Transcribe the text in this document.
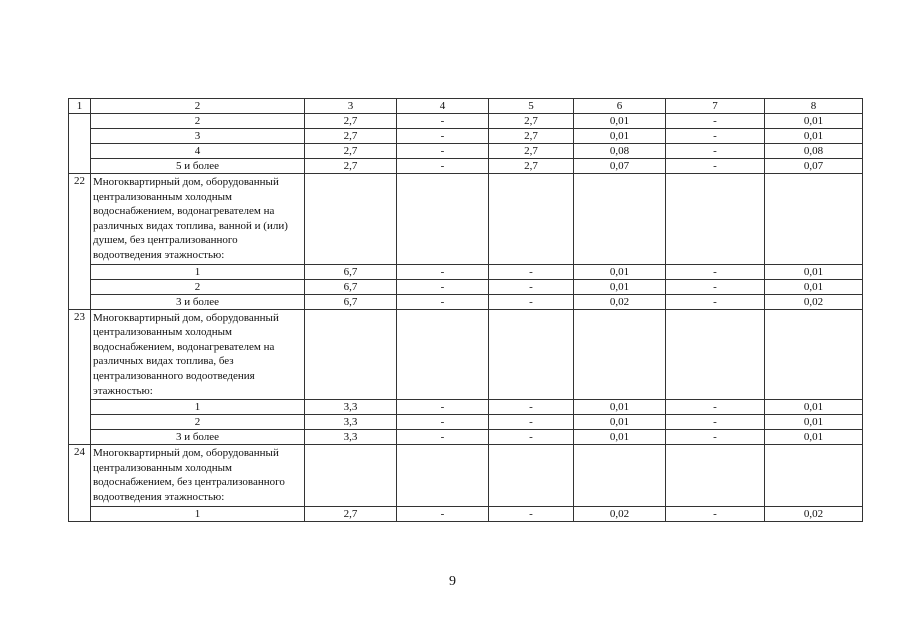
1	2	3	4	5	6	7	8
	2	2,7	-	2,7	0,01	-	0,01
	3	2,7	-	2,7	0,01	-	0,01
	4	2,7	-	2,7	0,08	-	0,08
	5 и более	2,7	-	2,7	0,07	-	0,07
22	Многоквартирный дом, оборудованный централизованным холодным водоснабжением, водонагревателем на различных видах топлива, ванной и (или) душем, без централизованного водоотведения этажностью:						
	1	6,7	-	-	0,01	-	0,01
	2	6,7	-	-	0,01	-	0,01
	3 и более	6,7	-	-	0,02	-	0,02
23	Многоквартирный дом, оборудованный централизованным холодным водоснабжением, водонагревателем на различных видах топлива, без централизованного водоотведения этажностью:						
	1	3,3	-	-	0,01	-	0,01
	2	3,3	-	-	0,01	-	0,01
	3 и более	3,3	-	-	0,01	-	0,01
24	Многоквартирный дом, оборудованный централизованным холодным водоснабжением, без централизованного водоотведения этажностью:						
	1	2,7	-	-	0,02	-	0,02
9
